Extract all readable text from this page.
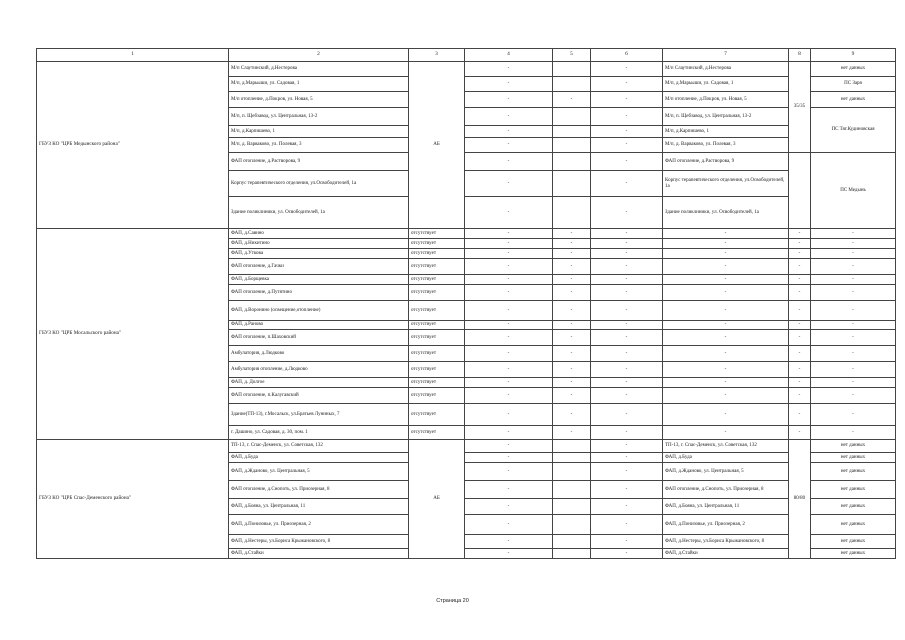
1	2	3	4	5	6	7	8	9
ГБУЗ КО "ЦРБ Медынского района"	М/п Слаутинский, д.Нестерова	АБ	-		-	М/п Слаутинский, д.Нестерова	35/35	нет данных
	М/п, д.Марьыши, ул. Садовая, 1		-		-	М/п, д.Марьыши, ул. Садовая, 1		ПС Заря
	М/п отопление, д.Покров, ул. Новая, 5		-	-	-	М/п отопление, д.Покров, ул. Новая, 5		нет данных
	М/п, п. Щебзавод, ул. Центральная, 13-2		-		-	М/п, п. Щебзавод, ул. Центральная, 13-2		ПС Тяг.Кудиновская
	М/п, д.Карпишево, 1		-		-	М/п, д.Карпишево, 1		
	М/п, д. Варваково, ул. Полевая, 3		-		-	М/п, д. Варваково, ул. Полевая, 3		
	ФАП отопление, д.Растворова, 9		-		-	ФАП отопление, д.Растворова, 9		ПС Медынь
	Корпус терапевтического отделения, ул.Освободителей, 1а		-		-	Корпус терапевтического отделения, ул.Освободителей, 1а		
	Здание поликлиники, ул. Освободителей, 1а		-		-	Здание поликлиники, ул. Освободителей, 1а		
ГБУЗ КО "ЦРБ Мосальского района"	ФАП, д.Савино	отсутствует	-	-	-	-	-	-
	ФАП, д.Никитино	отсутствует	-	-	-	-	-	-
	ФАП, д.Уткова	отсутствует	-	-	-	-	-	-
	ФАП отопление, д.Гачки	отсутствует	-	-	-	-	-	-
	ФАП, д.Борщевка	отсутствует	-	-	-	-	-	-
	ФАП отопление, д.Путятино	отсутствует	-	-	-	-	-	-
	ФАП, д.Воронино (освещение,отопление)	отсутствует	-	-	-	-	-	-
	ФАП, д.Раново	отсутствует	-	-	-	-	-	-
	ФАП отопление, п.Шаховский	отсутствует	-	-	-	-	-	-
	Амбулатория, д.Людково	отсутствует	-	-	-	-	-	-
	Амбулатория отопление, д.Людково	отсутствует	-	-	-	-	-	-
	ФАП, д. Долгое	отсутствует	-	-	-	-	-	-
	ФАП отопление, п.Калугавский	отсутствует	-	-	-	-	-	-
	Здание(ТП-13), г.Мосальск, ул.Братьев Луниных, 7	отсутствует	-	-	-	-	-	-
	г. Дашино, ул. Садовая, д. 30, пом. 1	отсутствует	-	-	-	-	-	-
ГБУЗ КО "ЦРБ Спас-Деменского района"	ТП-13, г. Спас-Деменск, ул. Советская, 132	АБ	-		-	ТП-13, г. Спас-Деменск, ул. Советская, 132	80/80	нет данных
	ФАП, д.Буда		-		-	ФАП, д.Буда		нет данных
	ФАП, д.Жданово, ул. Центральная, 5		-		-	ФАП, д.Жданово, ул. Центральная, 5		нет данных
	ФАП отопление, д.Снопоть, ул. Приозерная, 8		-		-	ФАП отопление, д.Снопоть, ул. Приозерная, 8		нет данных
	ФАП, д.Бояна, ул. Центральная, 11		-		-	ФАП, д.Бояна, ул. Центральная, 11		нет данных
	ФАП, д.Понизовье, ул. Приозерная, 2		-		-	ФАП, д.Понизовье, ул. Приозерная, 2		нет данных
	ФАП, д.Нестеры, ул.Бориса Крыжановского, 8		-		-	ФАП, д.Нестеры, ул.Бориса Крыжановского, 8		нет данных
	ФАП, д.Стайки		-		-	ФАП, д.Стайки		нет данных
Страница 20
